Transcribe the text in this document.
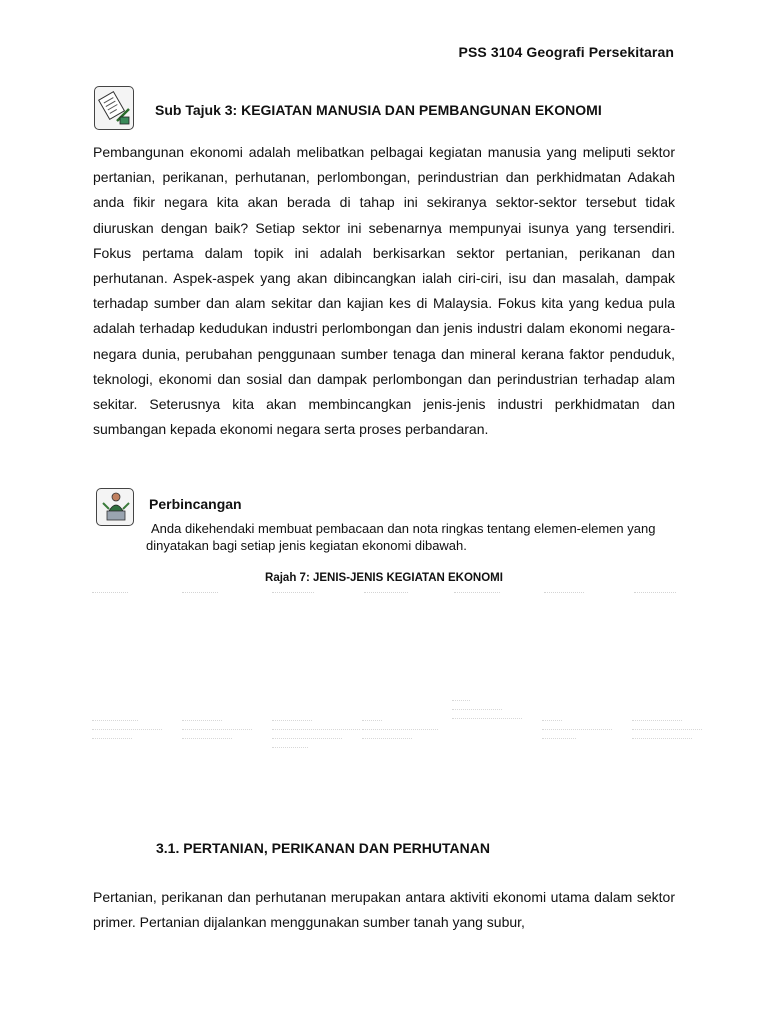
PSS 3104 Geografi Persekitaran
Sub Tajuk 3: KEGIATAN MANUSIA DAN PEMBANGUNAN EKONOMI

Pembangunan ekonomi adalah melibatkan pelbagai kegiatan manusia yang meliputi sektor pertanian, perikanan, perhutanan, perlombongan, perindustrian dan perkhidmatan Adakah anda fikir negara kita akan berada di tahap ini sekiranya sektor-sektor tersebut tidak diuruskan dengan baik? Setiap sektor ini sebenarnya mempunyai isunya yang tersendiri. Fokus pertama dalam topik ini adalah berkisarkan sektor pertanian, perikanan dan perhutanan. Aspek-aspek yang akan dibincangkan ialah ciri-ciri, isu dan masalah, dampak terhadap sumber dan alam sekitar dan kajian kes di Malaysia. Fokus kita yang kedua pula adalah terhadap kedudukan industri perlombongan dan jenis industri dalam ekonomi negara-negara dunia, perubahan penggunaan sumber tenaga dan mineral kerana faktor penduduk, teknologi, ekonomi dan sosial dan dampak perlombongan dan perindustrian terhadap alam sekitar. Seterusnya kita akan membincangkan jenis-jenis industri perkhidmatan dan sumbangan kepada ekonomi negara serta proses perbandaran.

Perbincangan

Anda dikehendaki membuat pembacaan dan nota ringkas tentang elemen-elemen yang dinyatakan bagi setiap jenis kegiatan ekonomi dibawah.

Rajah 7: JENIS-JENIS KEGIATAN EKONOMI
3.1. PERTANIAN, PERIKANAN DAN PERHUTANAN

Pertanian, perikanan dan perhutanan merupakan antara aktiviti ekonomi utama dalam sektor primer. Pertanian dijalankan menggunakan sumber tanah yang subur,
